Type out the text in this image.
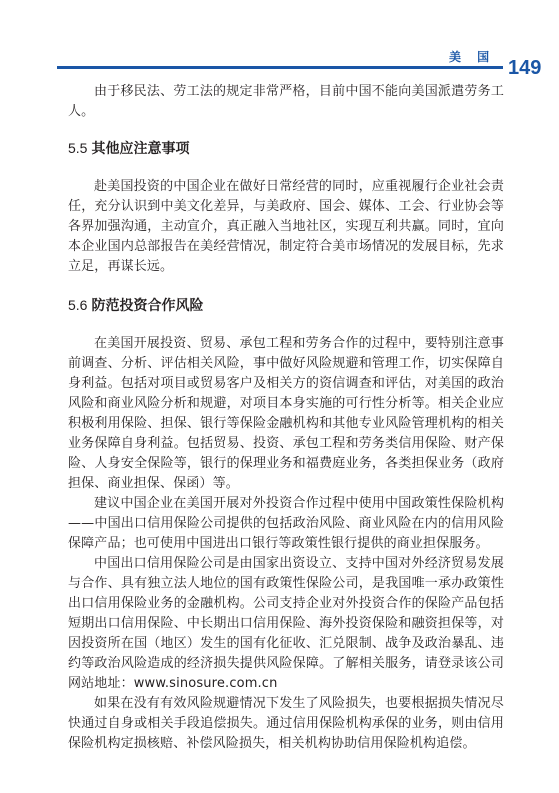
美 国 149

由于移民法、劳工法的规定非常严格，目前中国不能向美国派遣劳务工人。

5.5 其他应注意事项

赴美国投资的中国企业在做好日常经营的同时，应重视履行企业社会责任，充分认识到中美文化差异，与美政府、国会、媒体、工会、行业协会等各界加强沟通，主动宣介，真正融入当地社区，实现互利共赢。同时，宜向本企业国内总部报告在美经营情况，制定符合美市场情况的发展目标，先求立足，再谋长远。

5.6 防范投资合作风险

在美国开展投资、贸易、承包工程和劳务合作的过程中，要特别注意事前调查、分析、评估相关风险，事中做好风险规避和管理工作，切实保障自身利益。包括对项目或贸易客户及相关方的资信调查和评估，对美国的政治风险和商业风险分析和规避，对项目本身实施的可行性分析等。相关企业应积极利用保险、担保、银行等保险金融机构和其他专业风险管理机构的相关业务保障自身利益。包括贸易、投资、承包工程和劳务类信用保险、财产保险、人身安全保险等，银行的保理业务和福费庭业务，各类担保业务（政府担保、商业担保、保函）等。

建议中国企业在美国开展对外投资合作过程中使用中国政策性保险机构——中国出口信用保险公司提供的包括政治风险、商业风险在内的信用风险保障产品；也可使用中国进出口银行等政策性银行提供的商业担保服务。

中国出口信用保险公司是由国家出资设立、支持中国对外经济贸易发展与合作、具有独立法人地位的国有政策性保险公司，是我国唯一承办政策性出口信用保险业务的金融机构。公司支持企业对外投资合作的保险产品包括短期出口信用保险、中长期出口信用保险、海外投资保险和融资担保等，对因投资所在国（地区）发生的国有化征收、汇兑限制、战争及政治暴乱、违约等政治风险造成的经济损失提供风险保障。了解相关服务，请登录该公司网站地址：www.sinosure.com.cn

如果在没有有效风险规避情况下发生了风险损失，也要根据损失情况尽快通过自身或相关手段追偿损失。通过信用保险机构承保的业务，则由信用保险机构定损核赔、补偿风险损失，相关机构协助信用保险机构追偿。
